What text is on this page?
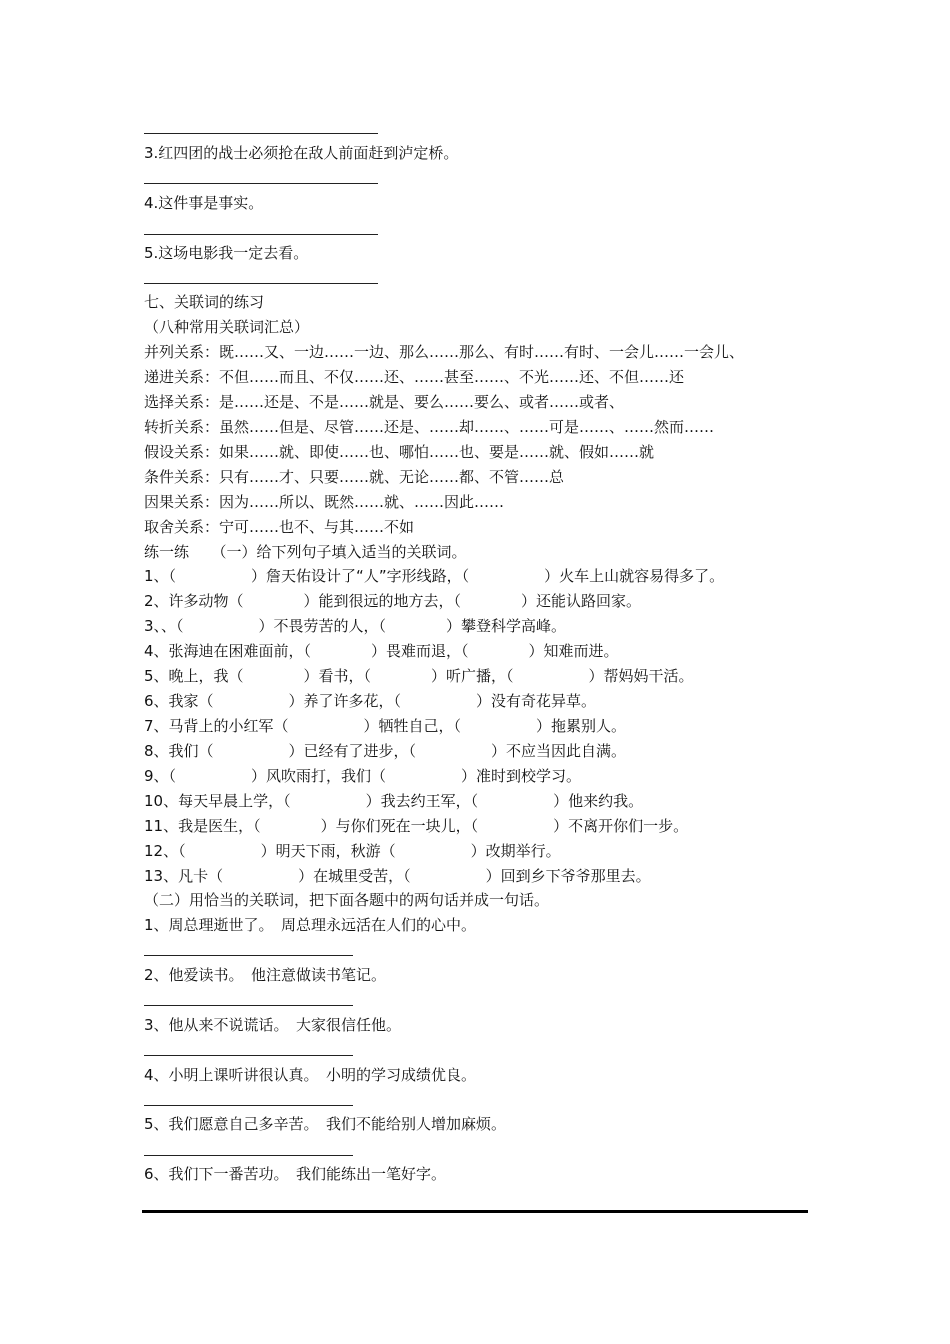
3.红四团的战士必须抢在敌人前面赶到泸定桥。
4.这件事是事实。
5.这场电影我一定去看。
七、关联词的练习
（八种常用关联词汇总）
并列关系：既……又、一边……一边、那么……那么、有时……有时、一会儿……一会儿、
递进关系：不但……而且、不仅……还、……甚至……、不光……还、不但……还
选择关系：是……还是、不是……就是、要么……要么、或者……或者、
转折关系：虽然……但是、尽管……还是、……却……、……可是……、……然而……
假设关系：如果……就、即使……也、哪怕……也、要是……就、假如……就
条件关系：只有……才、只要……就、无论……都、不管……总
因果关系：因为……所以、既然……就、……因此……
取舍关系：宁可……也不、与其……不如
练一练　　（一）给下列句子填入适当的关联词。
1、（　　　　　）詹天佑设计了“人”字形线路，（　　　　　）火车上山就容易得多了。
2、许多动物（　　　　）能到很远的地方去，（　　　　）还能认路回家。
3、、（　　　　　）不畏劳苦的人，（　　　　）攀登科学高峰。
4、张海迪在困难面前，（　　　　）畏难而退，（　　　　）知难而进。
5、晚上，我（　　　　）看书，（　　　　）听广播，（　　　　　）帮妈妈干活。
6、我家（　　　　　）养了许多花，（　　　　　）没有奇花异草。
7、马背上的小红军（　　　　　）牺牲自己，（　　　　　）拖累别人。
8、我们（　　　　　）已经有了进步，（　　　　　）不应当因此自满。
9、（　　　　　）风吹雨打，我们（　　　　　）准时到校学习。
10、每天早晨上学，（　　　　　）我去约王军，（　　　　　）他来约我。
11、我是医生，（　　　　）与你们死在一块儿，（　　　　　）不离开你们一步。
12、（　　　　　）明天下雨，秋游（　　　　　）改期举行。
13、凡卡（　　　　　）在城里受苦，（　　　　　）回到乡下爷爷那里去。
（二）用恰当的关联词，把下面各题中的两句话并成一句话。
1、周总理逝世了。　周总理永远活在人们的心中。
2、他爱读书。　他注意做读书笔记。
3、他从来不说谎话。　大家很信任他。
4、小明上课听讲很认真。　小明的学习成绩优良。
5、我们愿意自己多辛苦。　我们不能给别人增加麻烦。
6、我们下一番苦功。　我们能练出一笔好字。
